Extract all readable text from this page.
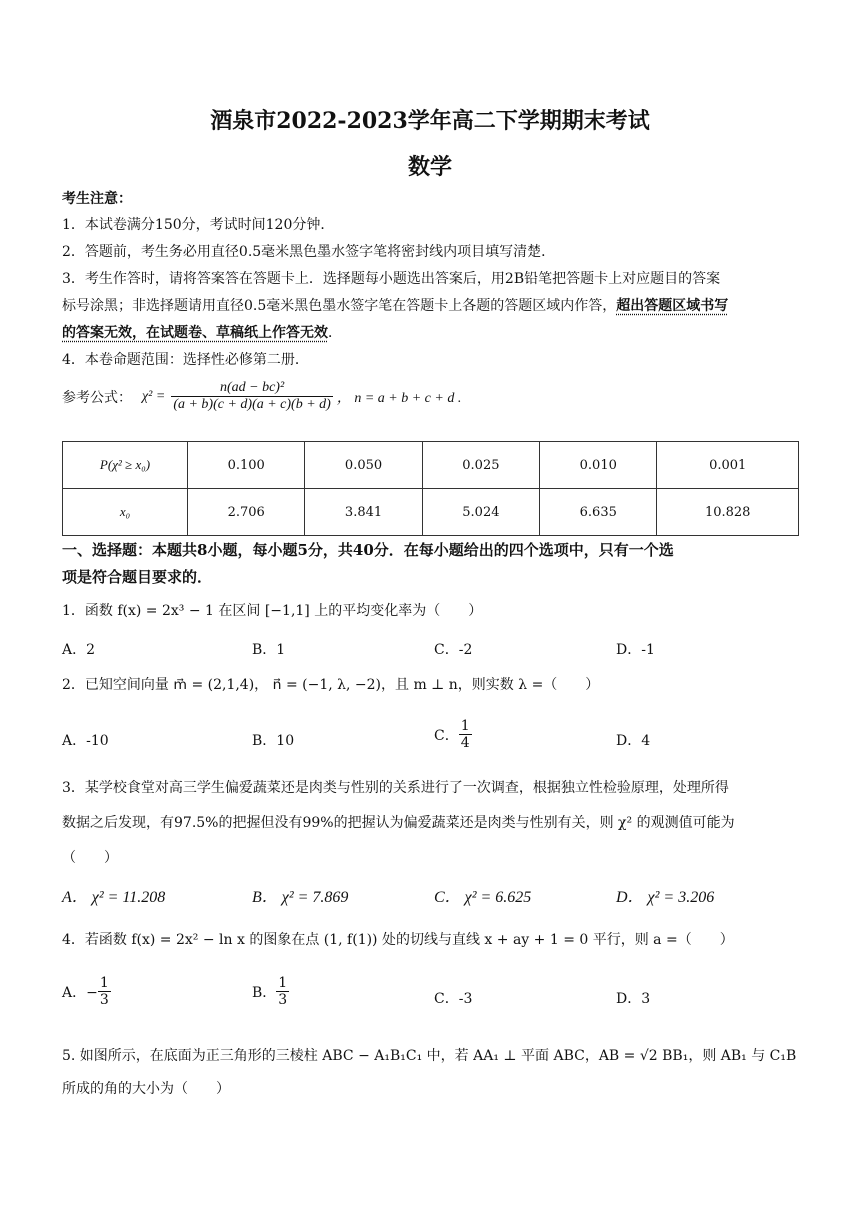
酒泉市2022-2023学年高二下学期期末考试
数学
考生注意：
1．本试卷满分150分，考试时间120分钟．
2．答题前，考生务必用直径0.5毫米黑色墨水签字笔将密封线内项目填写清楚．
3．考生作答时，请将答案答在答题卡上．选择题每小题选出答案后，用2B铅笔把答题卡上对应题目的答案
标号涂黑；非选择题请用直径0.5毫米黑色墨水签字笔在答题卡上各题的答题区域内作答，超出答题区域书写
的答案无效，在试题卷、草稿纸上作答无效．
4．本卷命题范围：选择性必修第二册．
参考公式： $\chi^2 = \frac{\text{n(ad − bc)²}}{(a + b)(c + d)(a + c)(b + d)}$ ， n = a + b + c + d .
P(χ² ≥ x₀)	0.100	0.050	0.025	0.010	0.001
x₀	2.706	3.841	5.024	6.635	10.828
一、选择题：本题共8小题，每小题5分，共40分．在每小题给出的四个选项中，只有一个选
项是符合题目要求的．
1．函数 f(x) = 2x³ − 1 在区间 [−1,1] 上的平均变化率为（　　）
A．2	B．1	C．-2	D．-1
2．已知空间向量 m⃗ = (2,1,4)， n⃗ = (−1, λ, −2)，且 m ⊥ n，则实数 λ =（　　）
A．-10	B．10	C． $\frac{1}{4}$	D．4
3．某学校食堂对高三学生偏爱蔬菜还是肉类与性别的关系进行了一次调查，根据独立性检验原理，处理所得
数据之后发现，有97.5%的把握但没有99%的把握认为偏爱蔬菜还是肉类与性别有关，则 χ² 的观测值可能为
（　　）
A． χ² = 11.208	B． χ² = 7.869	C． χ² = 6.625	D． χ² = 3.206
4．若函数 f(x) = 2x² − ln x 的图象在点 (1, f(1)) 处的切线与直线 x + ay + 1 = 0 平行，则 a =（　　）
A．− $\frac{1}{3}$	B． $\frac{1}{3}$	C．-3	D．3
5. 如图所示，在底面为正三角形的三棱柱 ABC − A₁B₁C₁ 中，若 AA₁ ⊥ 平面 ABC，AB = √2 BB₁，则 AB₁ 与 C₁B
所成的角的大小为（　　）
